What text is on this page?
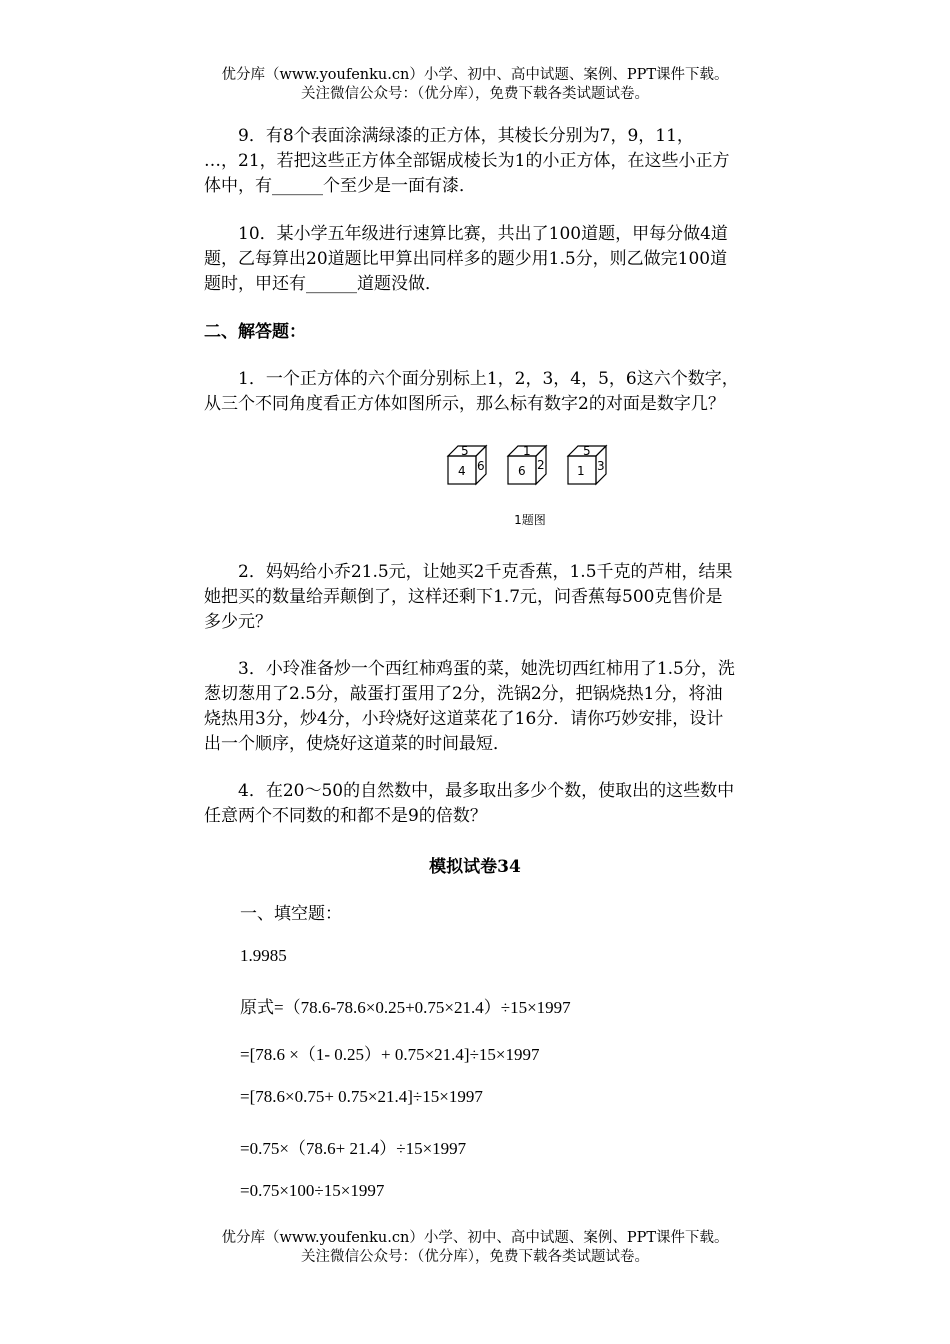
优分库（www.youfenku.cn）小学、初中、高中试题、案例、PPT课件下载。
关注微信公众号：（优分库），免费下载各类试题试卷。
9．有8个表面涂满绿漆的正方体，其棱长分别为7，9，11，
…，21，若把这些正方体全部锯成棱长为1的小正方体，在这些小正方
体中，有______个至少是一面有漆．
10．某小学五年级进行速算比赛，共出了100道题，甲每分做4道
题，乙每算出20道题比甲算出同样多的题少用1.5分，则乙做完100道
题时，甲还有______道题没做．
二、解答题：
1．一个正方体的六个面分别标上1，2，3，4，5，6这六个数字，
从三个不同角度看正方体如图所示，那么标有数字2的对面是数字几？
5
4 6
1
6 2
5
1 3
1题图
2．妈妈给小乔21.5元，让她买2千克香蕉，1.5千克的芦柑，结果
她把买的数量给弄颠倒了，这样还剩下1.7元，问香蕉每500克售价是
多少元？
3．小玲准备炒一个西红柿鸡蛋的菜，她洗切西红柿用了1.5分，洗
葱切葱用了2.5分，敲蛋打蛋用了2分，洗锅2分，把锅烧热1分，将油
烧热用3分，炒4分，小玲烧好这道菜花了16分．请你巧妙安排，设计
出一个顺序，使烧好这道菜的时间最短．
4．在20～50的自然数中，最多取出多少个数，使取出的这些数中
任意两个不同数的和都不是9的倍数？
模拟试卷34
一、填空题：
1.9985
原式=（78.6-78.6×0.25+0.75×21.4）÷15×1997
=[78.6 ×（1- 0.25）+ 0.75×21.4]÷15×1997
=[78.6×0.75+ 0.75×21.4]÷15×1997
=0.75×（78.6+ 21.4）÷15×1997
=0.75×100÷15×1997
优分库（www.youfenku.cn）小学、初中、高中试题、案例、PPT课件下载。
关注微信公众号：（优分库），免费下载各类试题试卷。
